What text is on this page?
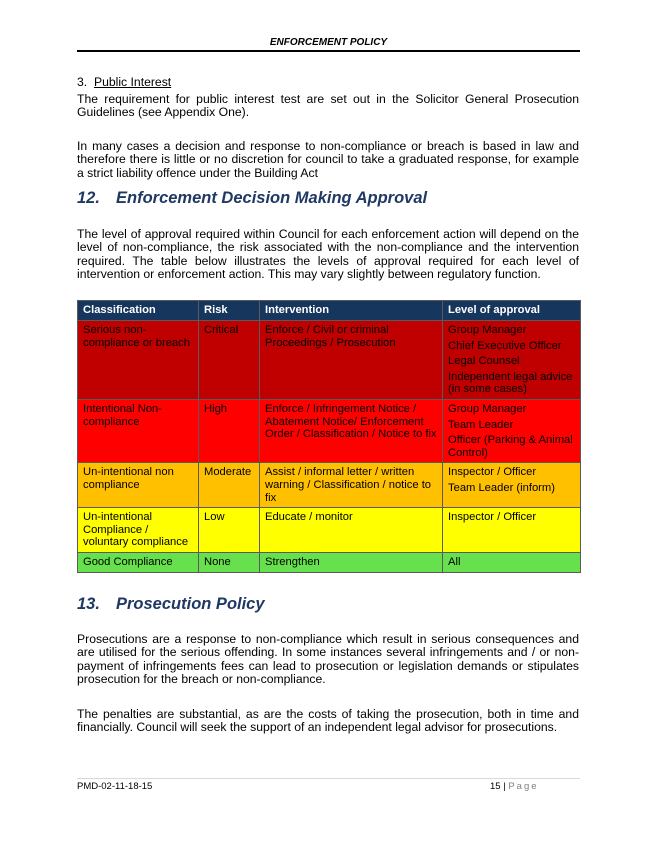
ENFORCEMENT POLICY

3. Public Interest

The requirement for public interest test are set out in the Solicitor General Prosecution Guidelines (see Appendix One).

In many cases a decision and response to non-compliance or breach is based in law and therefore there is little or no discretion for council to take a graduated response, for example a strict liability offence under the Building Act

12. Enforcement Decision Making Approval

The level of approval required within Council for each enforcement action will depend on the level of non-compliance, the risk associated with the non-compliance and the intervention required. The table below illustrates the levels of approval required for each level of intervention or enforcement action. This may vary slightly between regulatory function.

Classification	Risk	Intervention	Level of approval
Serious non-compliance or breach	Critical	Enforce / Civil or criminal Proceedings / Prosecution	Group Manager
Chief Executive Officer
Legal Counsel
Independent legal advice (in some cases)

Intentional Non-compliance	High	Enforce / Infringement Notice / Abatement Notice/ Enforcement Order / Classification / Notice to fix	Group Manager
Team Leader
Officer (Parking & Animal Control)

Un-intentional non compliance	Moderate	Assist / informal letter / written warning / Classification / notice to fix	Inspector / Officer
Team Leader (inform)

Un-intentional Compliance / voluntary compliance	Low	Educate / monitor	Inspector / Officer

Good Compliance	None	Strengthen	All
13. Prosecution Policy

Prosecutions are a response to non-compliance which result in serious consequences and are utilised for the serious offending. In some instances several infringements and / or non-payment of infringements fees can lead to prosecution or legislation demands or stipulates prosecution for the breach or non-compliance.

The penalties are substantial, as are the costs of taking the prosecution, both in time and financially. Council will seek the support of an independent legal advisor for prosecutions.

PMD-02-11-18-15	15 | Page
